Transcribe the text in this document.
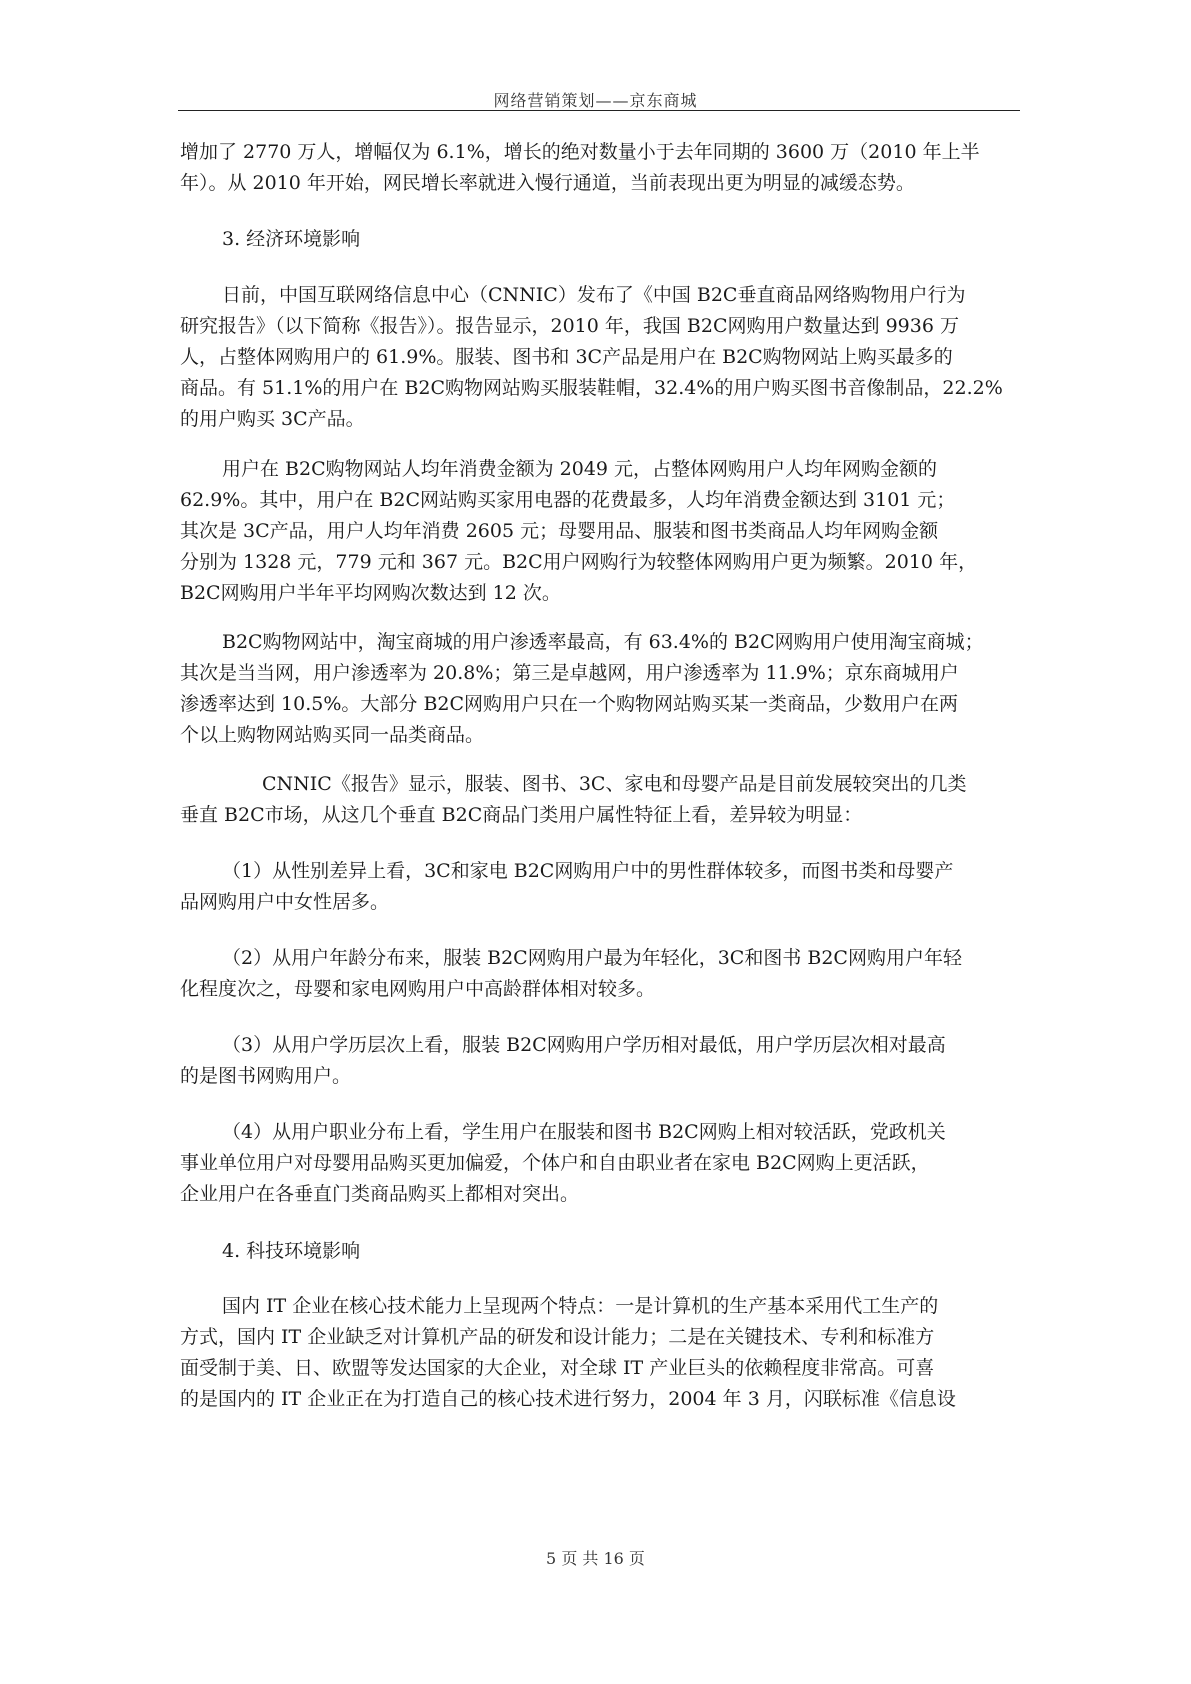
网络营销策划——京东商城
增加了 2770 万人，增幅仅为 6.1%，增长的绝对数量小于去年同期的 3600 万（2010 年上半
年）。从 2010 年开始，网民增长率就进入慢行通道，当前表现出更为明显的减缓态势。
3. 经济环境影响
日前，中国互联网络信息中心（CNNIC）发布了《中国 B2C垂直商品网络购物用户行为
研究报告》（以下简称《报告》）。报告显示，2010 年，我国 B2C网购用户数量达到 9936 万
人，占整体网购用户的 61.9%。服装、图书和 3C产品是用户在 B2C购物网站上购买最多的
商品。有 51.1%的用户在 B2C购物网站购买服装鞋帽，32.4%的用户购买图书音像制品，22.2%
的用户购买 3C产品。
用户在 B2C购物网站人均年消费金额为 2049 元，占整体网购用户人均年网购金额的
62.9%。其中，用户在 B2C网站购买家用电器的花费最多，人均年消费金额达到 3101 元；
其次是 3C产品，用户人均年消费 2605 元；母婴用品、服装和图书类商品人均年网购金额
分别为 1328 元，779 元和 367 元。B2C用户网购行为较整体网购用户更为频繁。2010 年，
B2C网购用户半年平均网购次数达到 12 次。
B2C购物网站中，淘宝商城的用户渗透率最高，有 63.4%的 B2C网购用户使用淘宝商城；
其次是当当网，用户渗透率为 20.8%；第三是卓越网，用户渗透率为 11.9%；京东商城用户
渗透率达到 10.5%。大部分 B2C网购用户只在一个购物网站购买某一类商品，少数用户在两
个以上购物网站购买同一品类商品。
CNNIC《报告》显示，服装、图书、3C、家电和母婴产品是目前发展较突出的几类
垂直 B2C市场，从这几个垂直 B2C商品门类用户属性特征上看，差异较为明显：
（1）从性别差异上看，3C和家电 B2C网购用户中的男性群体较多，而图书类和母婴产
品网购用户中女性居多。
（2）从用户年龄分布来，服装 B2C网购用户最为年轻化，3C和图书 B2C网购用户年轻
化程度次之，母婴和家电网购用户中高龄群体相对较多。
（3）从用户学历层次上看，服装 B2C网购用户学历相对最低，用户学历层次相对最高
的是图书网购用户。
（4）从用户职业分布上看，学生用户在服装和图书 B2C网购上相对较活跃，党政机关
事业单位用户对母婴用品购买更加偏爱，个体户和自由职业者在家电 B2C网购上更活跃，
企业用户在各垂直门类商品购买上都相对突出。
4. 科技环境影响
国内 IT 企业在核心技术能力上呈现两个特点：一是计算机的生产基本采用代工生产的
方式，国内 IT 企业缺乏对计算机产品的研发和设计能力；二是在关键技术、专利和标准方
面受制于美、日、欧盟等发达国家的大企业，对全球 IT 产业巨头的依赖程度非常高。可喜
的是国内的 IT 企业正在为打造自己的核心技术进行努力，2004 年 3 月，闪联标准《信息设
5 页 共 16 页
